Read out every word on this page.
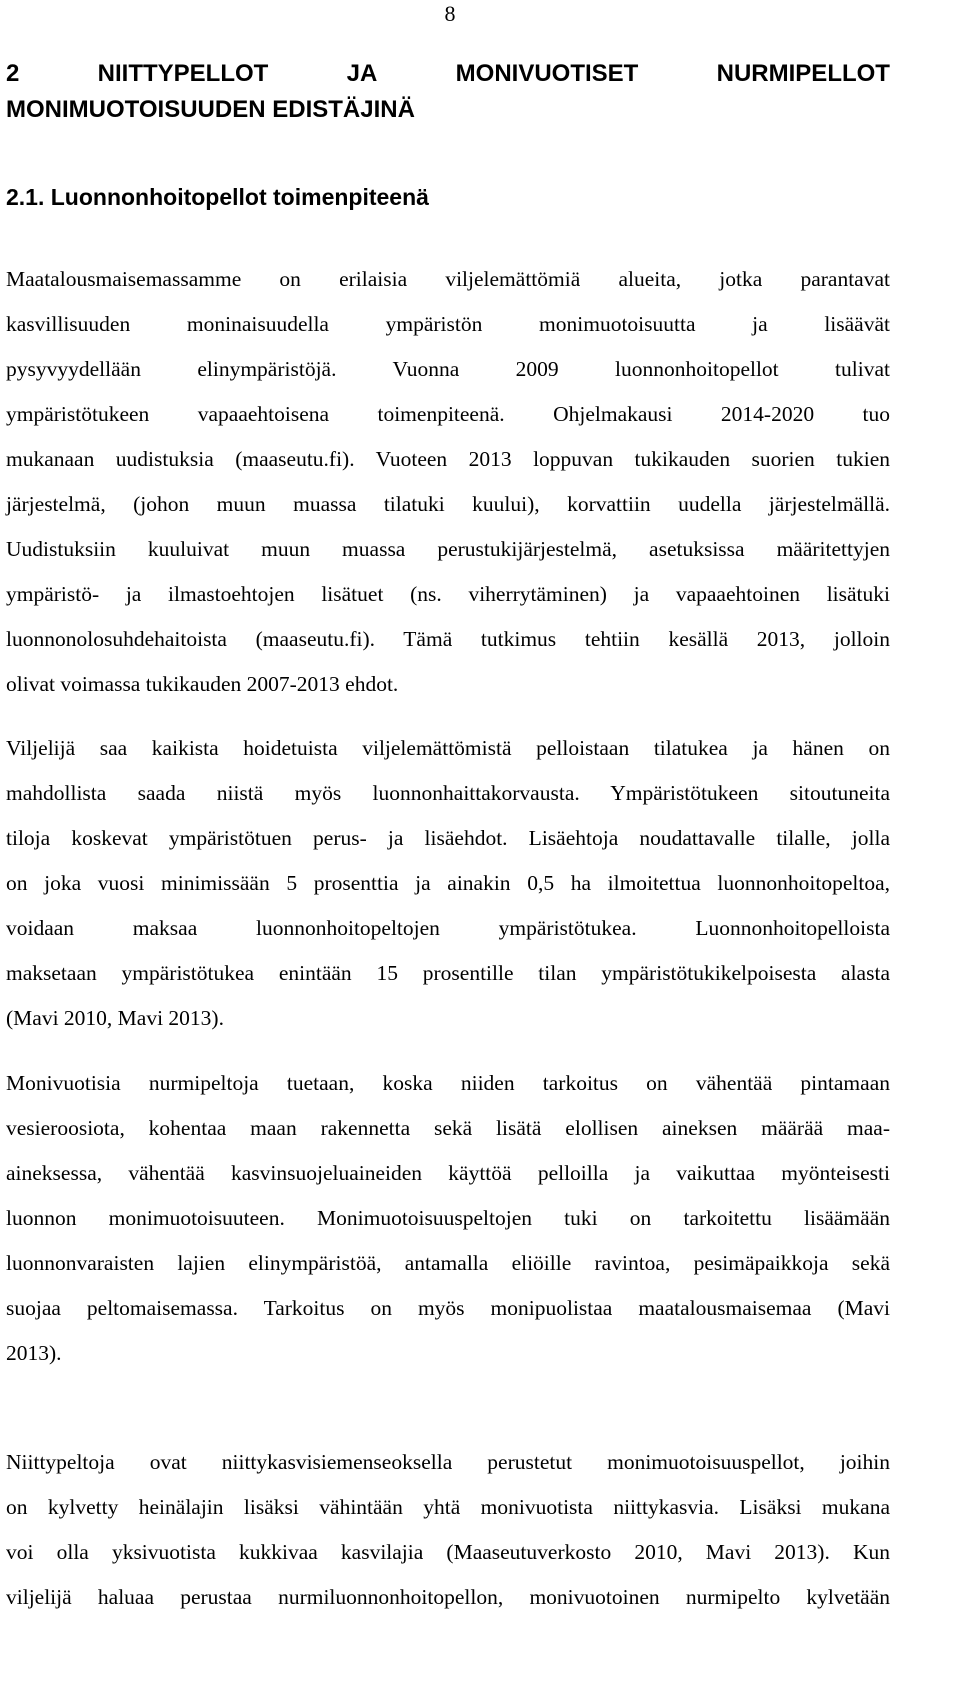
8
2	NIITTYPELLOT	JA	MONIVUOTISET	NURMIPELLOT
MONIMUOTOISUUDEN EDISTÄJINÄ
2.1. Luonnonhoitopellot toimenpiteenä

Maatalousmaisemassamme on erilaisia viljelemättömiä alueita, jotka parantavat
kasvillisuuden moninaisuudella ympäristön monimuotoisuutta ja lisäävät
pysyvyydellään elinympäristöjä. Vuonna 2009 luonnonhoitopellot tulivat
ympäristötukeen vapaaehtoisena toimenpiteenä. Ohjelmakausi 2014-2020 tuo
mukanaan uudistuksia (maaseutu.fi). Vuoteen 2013 loppuvan tukikauden suorien tukien
järjestelmä, (johon muun muassa tilatuki kuului), korvattiin uudella järjestelmällä.
Uudistuksiin kuuluivat muun muassa perustukijärjestelmä, asetuksissa määritettyjen
ympäristö- ja ilmastoehtojen lisätuet (ns. viherrytäminen) ja vapaaehtoinen lisätuki
luonnonolosuhdehaitoista (maaseutu.fi). Tämä tutkimus tehtiin kesällä 2013, jolloin
olivat voimassa tukikauden 2007-2013 ehdot.

Viljelijä saa kaikista hoidetuista viljelemättömistä pelloistaan tilatukea ja hänen on
mahdollista saada niistä myös luonnonhaittakorvausta. Ympäristötukeen sitoutuneita
tiloja koskevat ympäristötuen perus- ja lisäehdot. Lisäehtoja noudattavalle tilalle, jolla
on joka vuosi minimissään 5 prosenttia ja ainakin 0,5 ha ilmoitettua luonnonhoitopeltoa,
voidaan maksaa luonnonhoitopeltojen ympäristötukea. Luonnonhoitopelloista
maksetaan ympäristötukea enintään 15 prosentille tilan ympäristötukikelpoisesta alasta
(Mavi 2010, Mavi 2013).

Monivuotisia nurmipeltoja tuetaan, koska niiden tarkoitus on vähentää pintamaan
vesieroosiota, kohentaa maan rakennetta sekä lisätä elollisen aineksen määrää maa-
aineksessa, vähentää kasvinsuojeluaineiden käyttöä pelloilla ja vaikuttaa myönteisesti
luonnon monimuotoisuuteen. Monimuotoisuuspeltojen tuki on tarkoitettu lisäämään
luonnonvaraisten lajien elinympäristöä, antamalla eliöille ravintoa, pesimäpaikkoja sekä
suojaa peltomaisemassa. Tarkoitus on myös monipuolistaa maatalousmaisemaa (Mavi
2013).

Niittypeltoja ovat niittykasvisiemenseoksella perustetut monimuotoisuuspellot, joihin
on kylvetty heinälajin lisäksi vähintään yhtä monivuotista niittykasvia. Lisäksi mukana
voi olla yksivuotista kukkivaa kasvilajia (Maaseutuverkosto 2010, Mavi 2013). Kun
viljelijä haluaa perustaa nurmiluonnonhoitopellon, monivuotoinen nurmipelto kylvetään
